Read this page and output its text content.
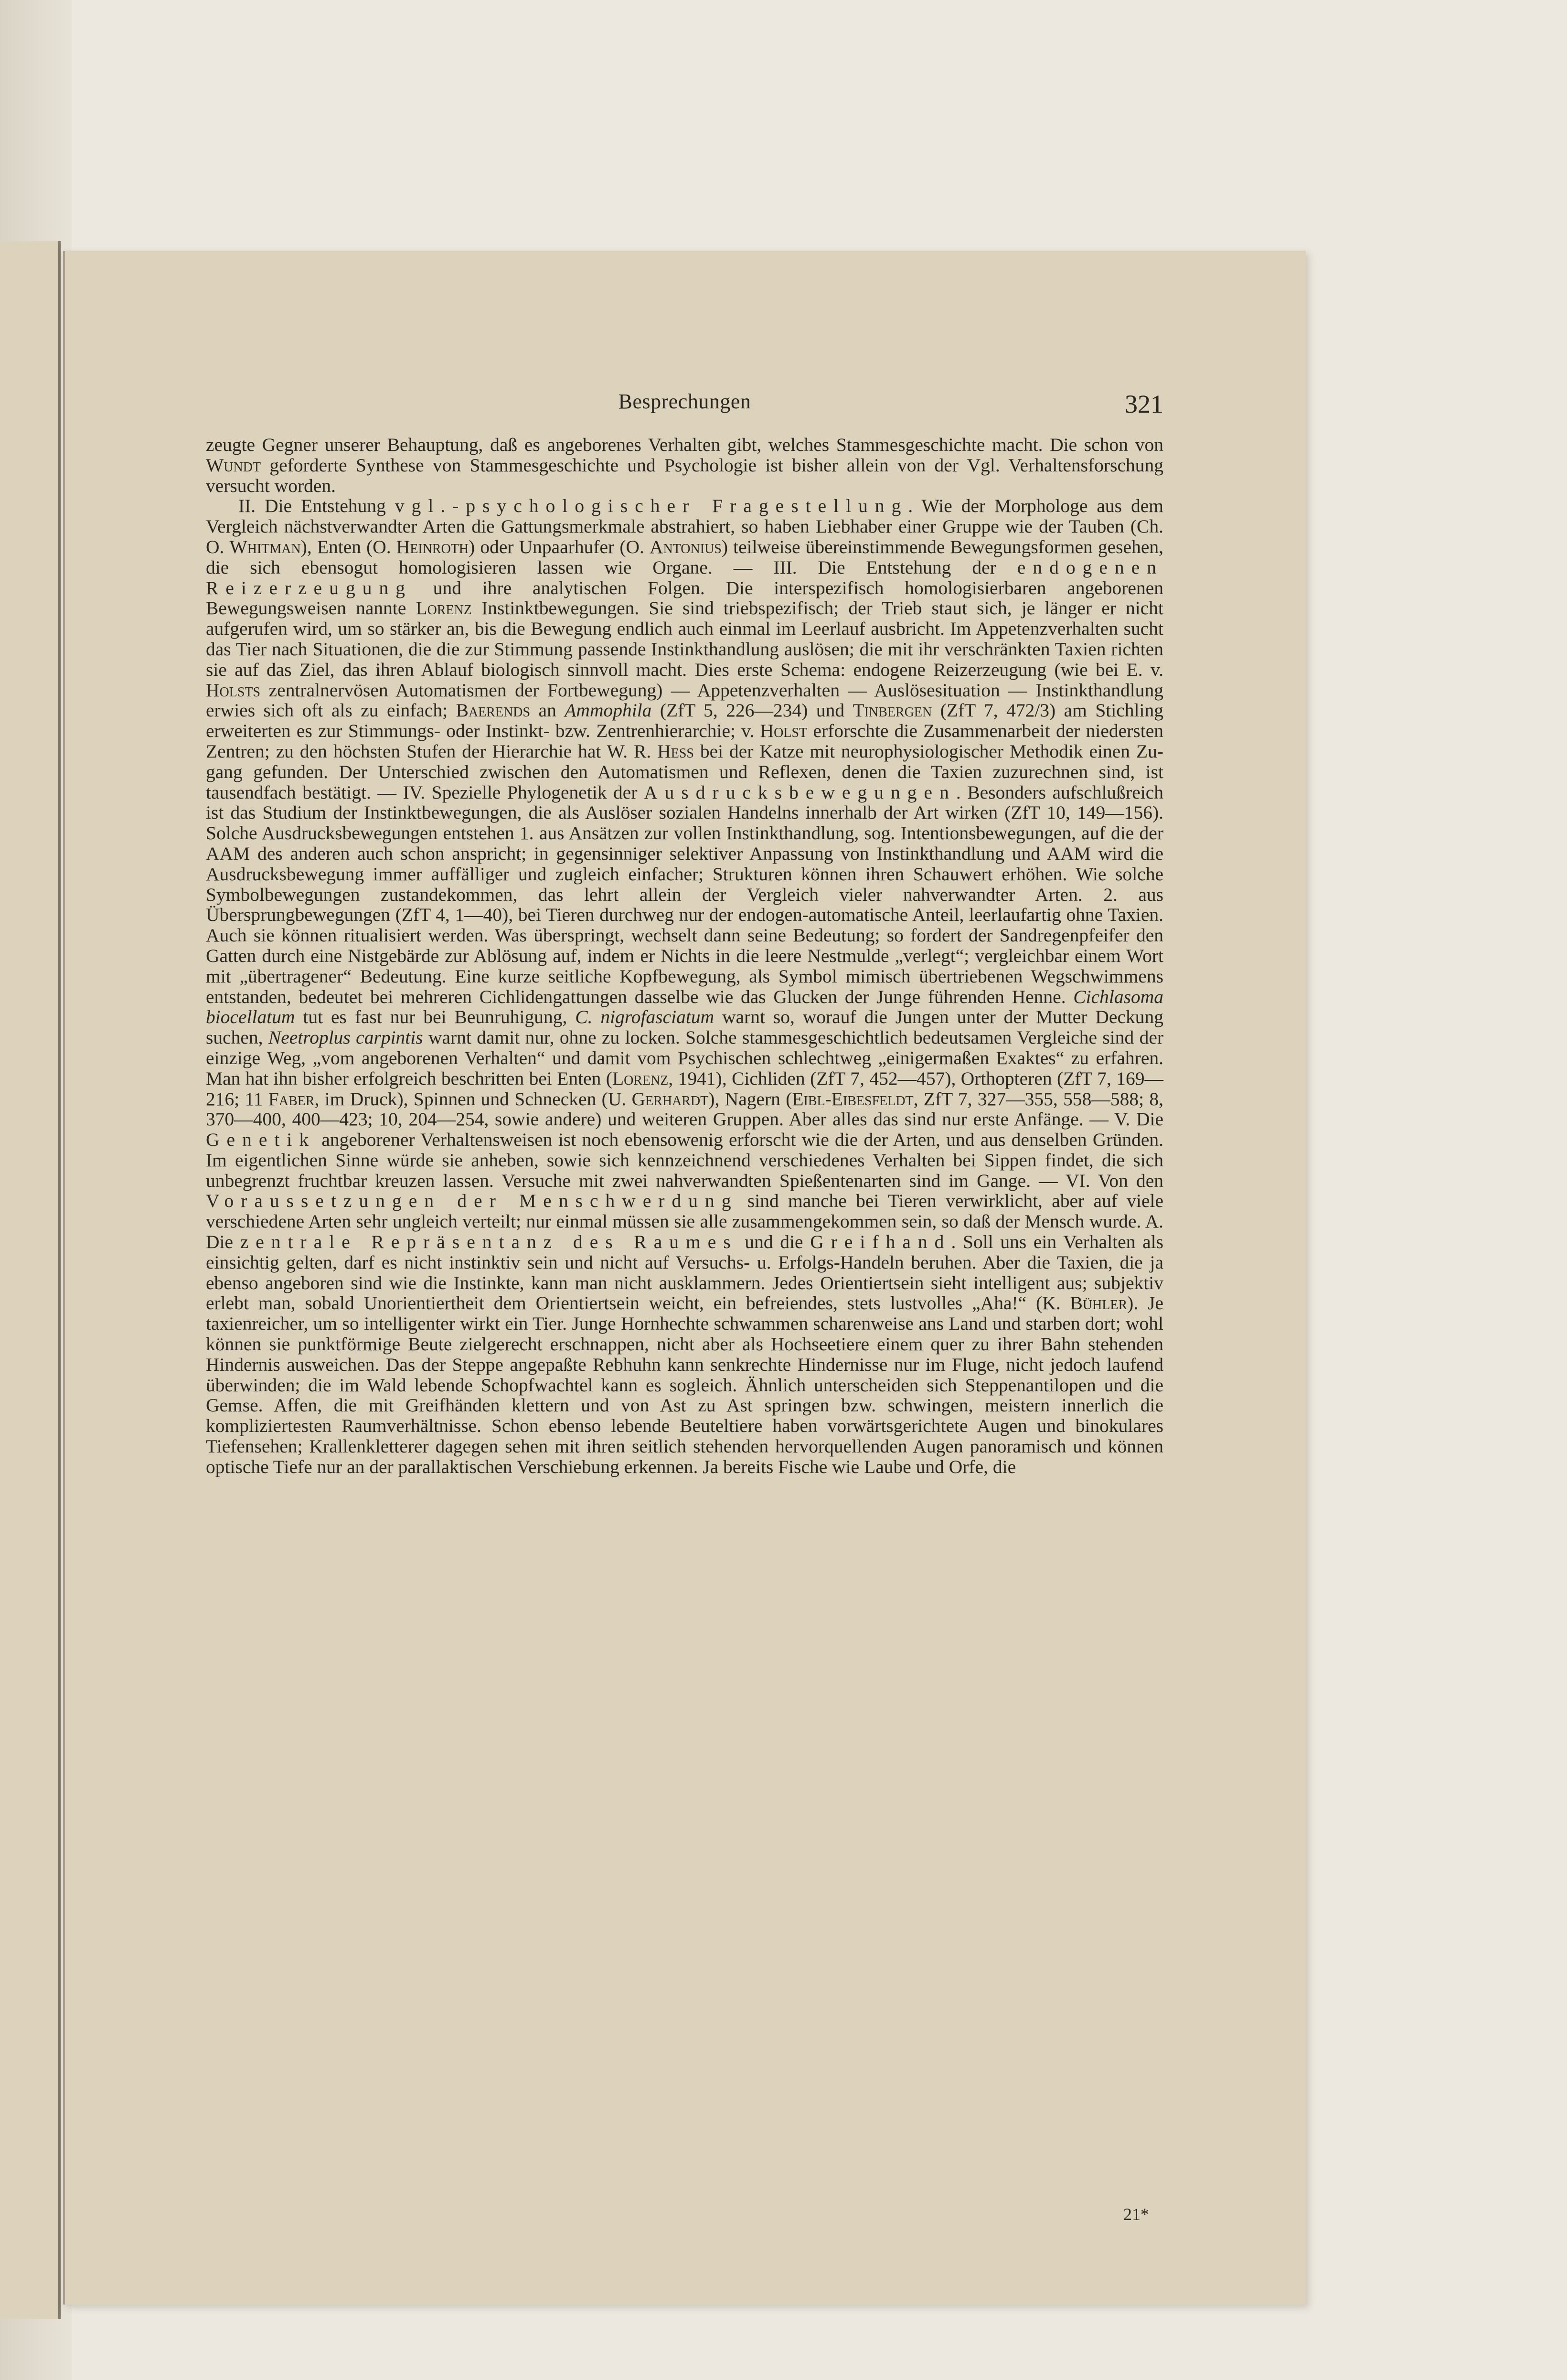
Besprechungen	321

zeugte Gegner unserer Behauptung, daß es angeborenes Verhalten gibt, welches Stammesgeschichte macht. Die schon von Wundt geforderte Synthese von Stammesgeschichte und Psychologie ist bisher allein von der Vgl. Verhaltensforschung versucht worden.

II. Die Entstehung vgl.-psychologischer Fragestellung. Wie der Morphologe aus dem Vergleich nächstverwandter Arten die Gattungsmerkmale abstrahiert, so haben Liebhaber einer Gruppe wie der Tauben (Ch. O. Whitman), Enten (O. Heinroth) oder Unpaarhufer (O. Antonius) teilweise übereinstimmende Bewegungsformen gesehen, die sich ebensogut homologisieren lassen wie Organe. — III. Die Entstehung der endogenen Reizerzeugung und ihre analytischen Folgen. Die interspezifisch homologisierbaren angeborenen Bewegungsweisen nannte Lorenz Instinktbewegungen. Sie sind triebspezifisch; der Trieb staut sich, je länger er nicht aufgerufen wird, um so stärker an, bis die Bewegung endlich auch einmal im Leerlauf ausbricht. Im Appetenzverhalten sucht das Tier nach Situationen, die die zur Stimmung passende Instinkthandlung auslösen; die mit ihr verschränkten Taxien richten sie auf das Ziel, das ihren Ablauf biologisch sinnvoll macht. Dies erste Schema: endogene Reizerzeugung (wie bei E. v. Holsts zentralnervösen Automatismen der Fortbewegung) — Appetenzverhalten — Auslösesituation — Instinkthandlung erwies sich oft als zu einfach; Baerends an Ammophila (ZfT 5, 226—234) und Tinbergen (ZfT 7, 472/3) am Stichling erweiterten es zur Stimmungs- oder Instinkt- bzw. Zentrenhierarchie; v. Holst erforschte die Zusammenarbeit der niedersten Zentren; zu den höchsten Stufen der Hierarchie hat W. R. Hess bei der Katze mit neurophysiologischer Methodik einen Zugang gefunden. Der Unterschied zwischen den Automatismen und Reflexen, denen die Taxien zuzurechnen sind, ist tausendfach bestätigt. — IV. Spezielle Phylogenetik der Ausdrucksbewegungen. Besonders aufschlußreich ist das Studium der Instinktbewegungen, die als Auslöser sozialen Handelns innerhalb der Art wirken (ZfT 10, 149—156). Solche Ausdrucksbewegungen entstehen 1. aus Ansätzen zur vollen Instinkthandlung, sog. Intentionsbewegungen, auf die der AAM des anderen auch schon anspricht; in gegensinniger selektiver Anpassung von Instinkthandlung und AAM wird die Ausdrucksbewegung immer auffälliger und zugleich einfacher; Strukturen können ihren Schauwert erhöhen. Wie solche Symbolbewegungen zustandekommen, das lehrt allein der Vergleich vieler nahverwandter Arten. 2. aus Übersprungbewegungen (ZfT 4, 1—40), bei Tieren durchweg nur der endogen-automatische Anteil, leerlaufartig ohne Taxien. Auch sie können ritualisiert werden. Was überspringt, wechselt dann seine Bedeutung; so fordert der Sandregenpfeifer den Gatten durch eine Nistgebärde zur Ablösung auf, indem er Nichts in die leere Nestmulde „verlegt“; vergleichbar einem Wort mit „übertragener“ Bedeutung. Eine kurze seitliche Kopfbewegung, als Symbol mimisch übertriebenen Wegschwimmens entstanden, bedeutet bei mehreren Cichlidengattungen dasselbe wie das Glucken der Junge führenden Henne. Cichlasoma biocellatum tut es fast nur bei Beunruhigung, C. nigrofasciatum warnt so, worauf die Jungen unter der Mutter Deckung suchen, Neetroplus carpintis warnt damit nur, ohne zu locken. Solche stammesgeschichtlich bedeutsamen Vergleiche sind der einzige Weg, „vom angeborenen Verhalten“ und damit vom Psychischen schlechtweg „einigermaßen Exaktes“ zu erfahren. Man hat ihn bisher erfolgreich beschritten bei Enten (Lorenz, 1941), Cichliden (ZfT 7, 452—457), Orthopteren (ZfT 7, 169—216; 11 Faber, im Druck), Spinnen und Schnecken (U. Gerhardt), Nagern (Eibl-Eibesfeldt, ZfT 7, 327—355, 558—588; 8, 370—400, 400—423; 10, 204—254, sowie andere) und weiteren Gruppen. Aber alles das sind nur erste Anfänge. — V. Die Genetik angeborener Verhaltensweisen ist noch ebensowenig erforscht wie die der Arten, und aus denselben Gründen. Im eigentlichen Sinne würde sie anheben, sowie sich kennzeichnend verschiedenes Verhalten bei Sippen findet, die sich unbegrenzt fruchtbar kreuzen lassen. Versuche mit zwei nahverwandten Spießentenarten sind im Gange. — VI. Von den Voraussetzungen der Menschwerdung sind manche bei Tieren verwirklicht, aber auf viele verschiedene Arten sehr ungleich verteilt; nur einmal müssen sie alle zusammengekommen sein, so daß der Mensch wurde. A. Die zentrale Repräsentanz des Raumes und die Greifhand. Soll uns ein Verhalten als einsichtig gelten, darf es nicht instinktiv sein und nicht auf Versuchs- u. Erfolgs-Handeln beruhen. Aber die Taxien, die ja ebenso angeboren sind wie die Instinkte, kann man nicht ausklammern. Jedes Orientiertsein sieht intelligent aus; subjektiv erlebt man, sobald Unorientiertheit dem Orientiertsein weicht, ein befreiendes, stets lustvolles „Aha!“ (K. Bühler). Je taxienreicher, um so intelligenter wirkt ein Tier. Junge Hornhechte schwammen scharenweise ans Land und starben dort; wohl können sie punktförmige Beute zielgerecht erschnappen, nicht aber als Hochseetiere einem quer zu ihrer Bahn stehenden Hindernis ausweichen. Das der Steppe angepaßte Rebhuhn kann senkrechte Hindernisse nur im Fluge, nicht jedoch laufend überwinden; die im Wald lebende Schopfwachtel kann es sogleich. Ähnlich unterscheiden sich Steppenantilopen und die Gemse. Affen, die mit Greifhänden klettern und von Ast zu Ast springen bzw. schwingen, meistern innerlich die kompliziertesten Raumverhältnisse. Schon ebenso lebende Beuteltiere haben vorwärtsgerichtete Augen und binokulares Tiefensehen; Krallenkletterer dagegen sehen mit ihren seitlich stehenden hervorquellenden Augen panoramisch und können optische Tiefe nur an der parallaktischen Verschiebung erkennen. Ja bereits Fische wie Laube und Orfe, die

21*
